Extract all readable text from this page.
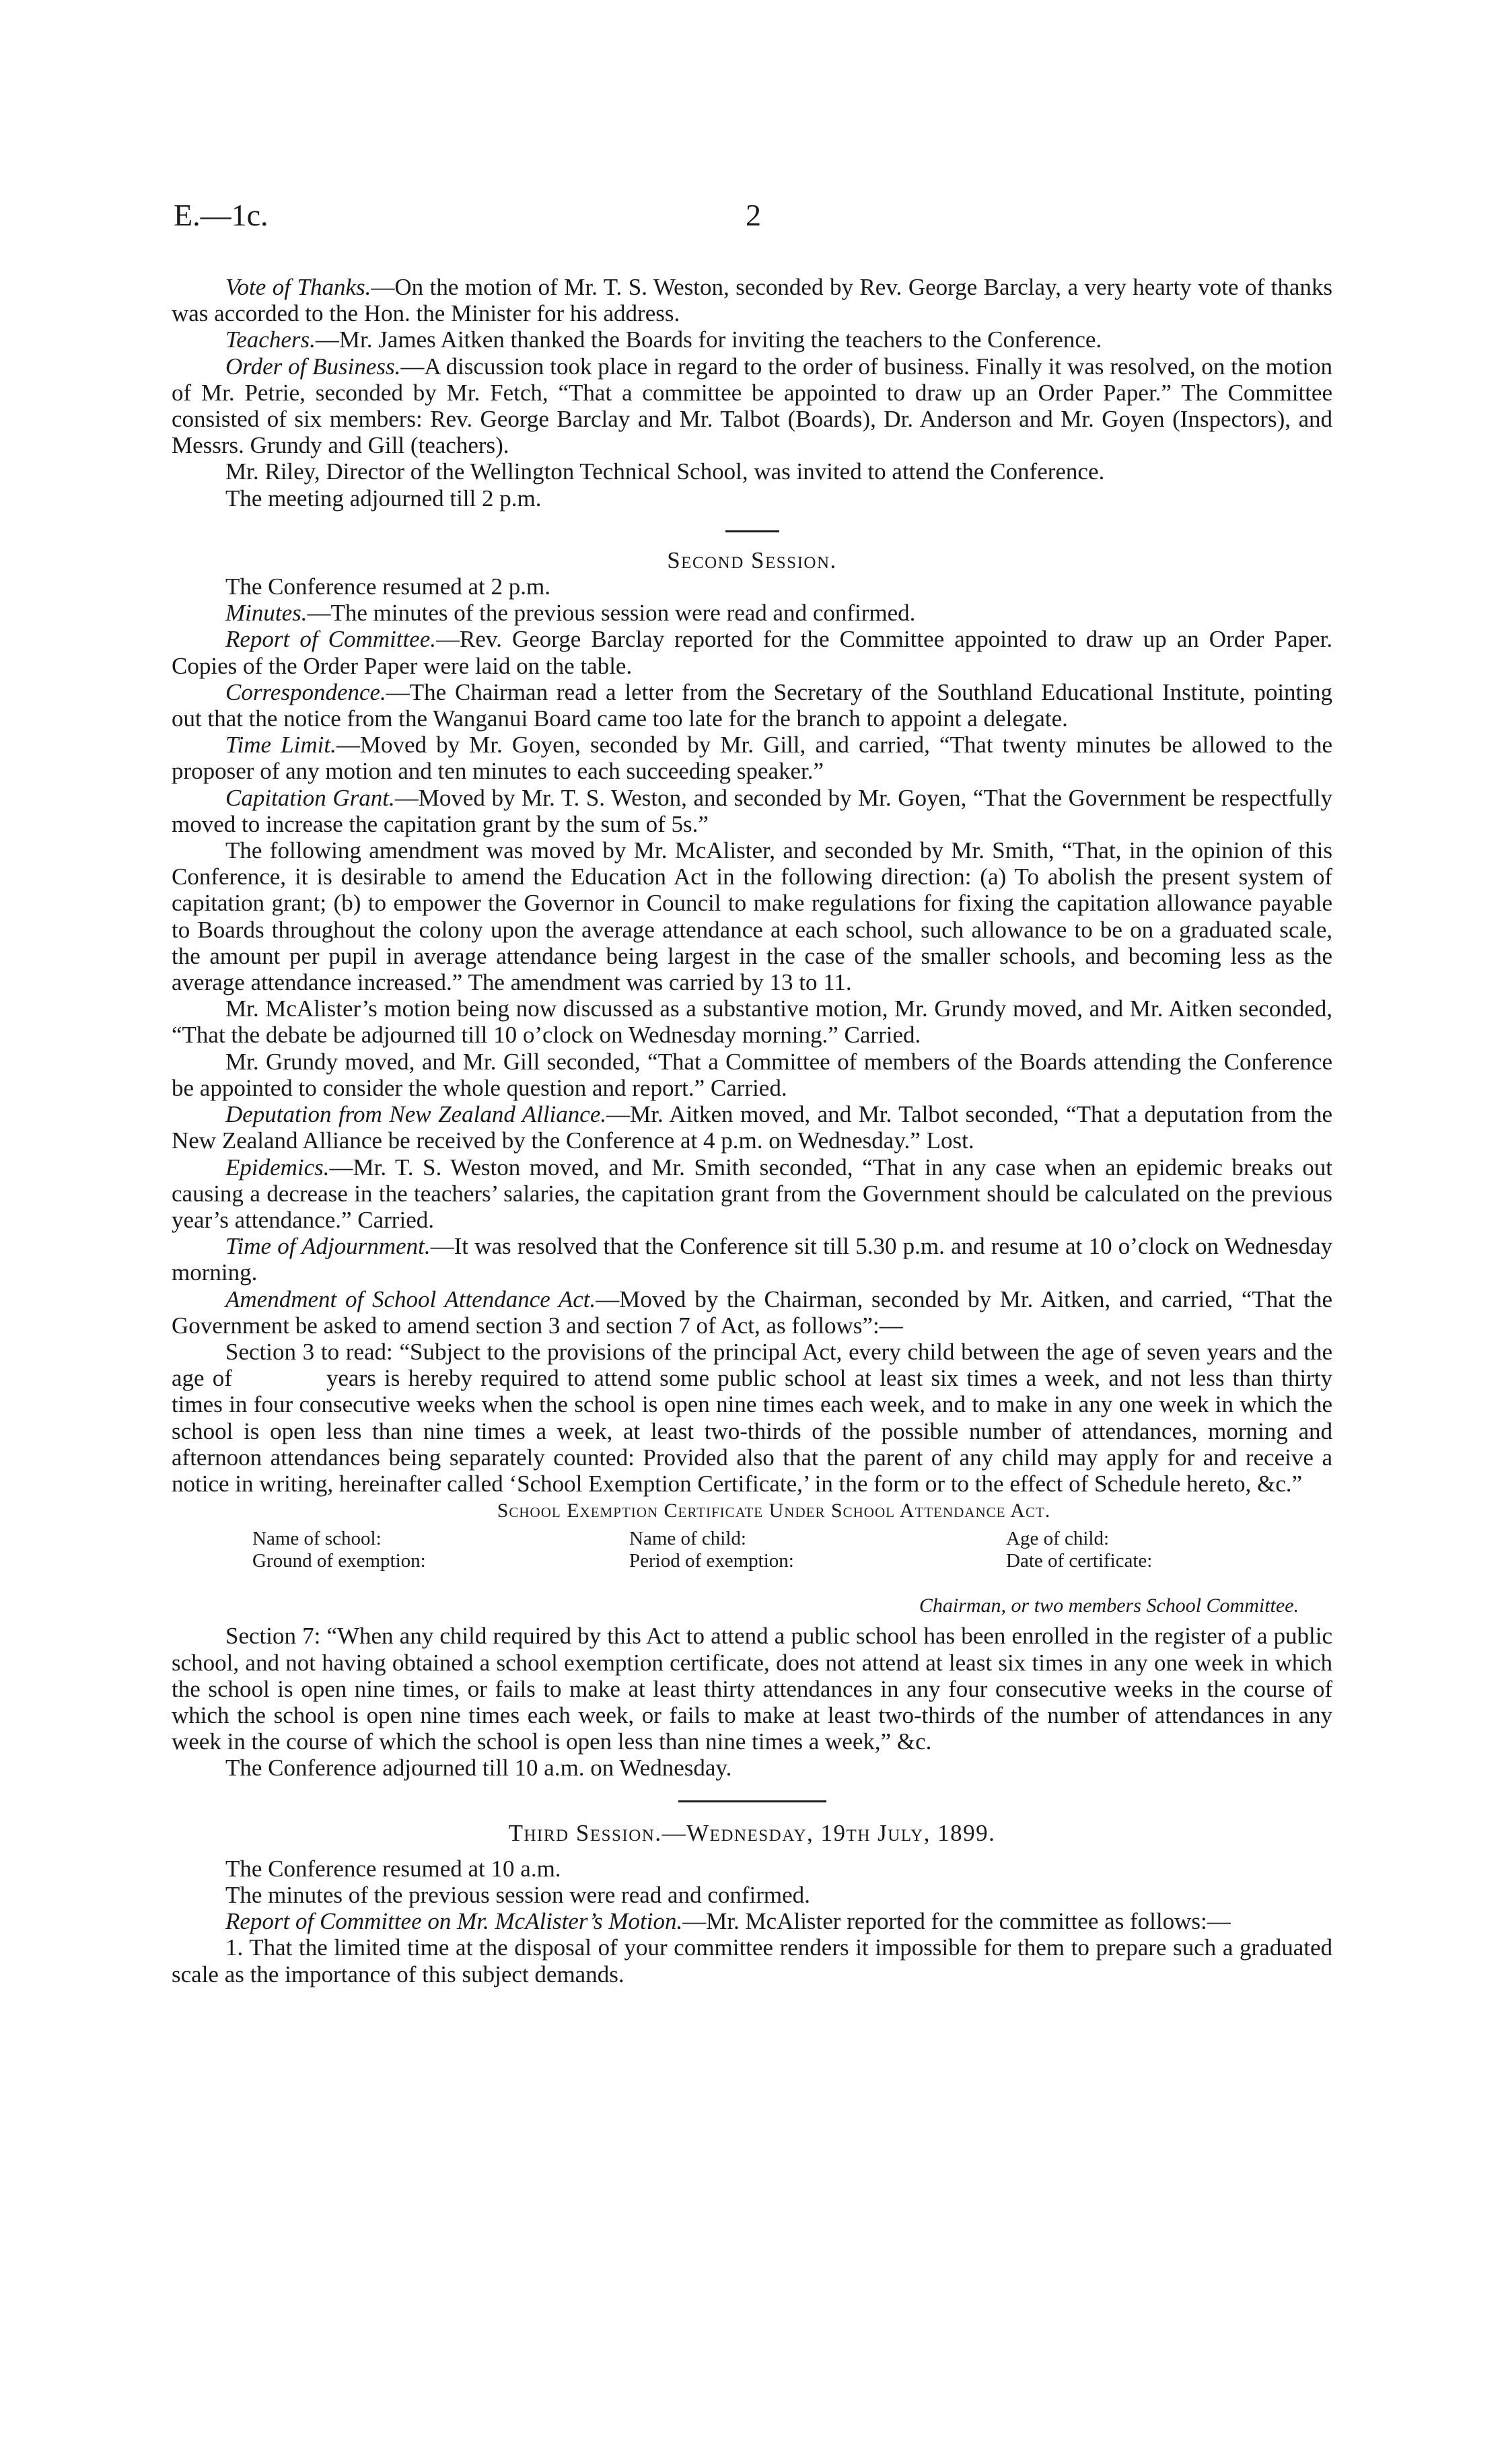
E.—1c.	2

Vote of Thanks.—On the motion of Mr. T. S. Weston, seconded by Rev. George Barclay, a very hearty vote of thanks was accorded to the Hon. the Minister for his address.

Teachers.—Mr. James Aitken thanked the Boards for inviting the teachers to the Conference.

Order of Business.—A discussion took place in regard to the order of business. Finally it was resolved, on the motion of Mr. Petrie, seconded by Mr. Fetch, “That a committee be appointed to draw up an Order Paper.” The Committee consisted of six members: Rev. George Barclay and Mr. Talbot (Boards), Dr. Anderson and Mr. Goyen (Inspectors), and Messrs. Grundy and Gill (teachers).

Mr. Riley, Director of the Wellington Technical School, was invited to attend the Conference.

The meeting adjourned till 2 p.m.

Second Session.

The Conference resumed at 2 p.m.

Minutes.—The minutes of the previous session were read and confirmed.

Report of Committee.—Rev. George Barclay reported for the Committee appointed to draw up an Order Paper. Copies of the Order Paper were laid on the table.

Correspondence.—The Chairman read a letter from the Secretary of the Southland Educational Institute, pointing out that the notice from the Wanganui Board came too late for the branch to appoint a delegate.

Time Limit.—Moved by Mr. Goyen, seconded by Mr. Gill, and carried, “That twenty minutes be allowed to the proposer of any motion and ten minutes to each succeeding speaker.”

Capitation Grant.—Moved by Mr. T. S. Weston, and seconded by Mr. Goyen, “That the Government be respectfully moved to increase the capitation grant by the sum of 5s.”

The following amendment was moved by Mr. McAlister, and seconded by Mr. Smith, “That, in the opinion of this Conference, it is desirable to amend the Education Act in the following direction: (a) To abolish the present system of capitation grant; (b) to empower the Governor in Council to make regulations for fixing the capitation allowance payable to Boards throughout the colony upon the average attendance at each school, such allowance to be on a graduated scale, the amount per pupil in average attendance being largest in the case of the smaller schools, and becoming less as the average attendance increased.” The amendment was carried by 13 to 11.

Mr. McAlister’s motion being now discussed as a substantive motion, Mr. Grundy moved, and Mr. Aitken seconded, “That the debate be adjourned till 10 o’clock on Wednesday morning.” Carried.

Mr. Grundy moved, and Mr. Gill seconded, “That a Committee of members of the Boards attending the Conference be appointed to consider the whole question and report.” Carried.

Deputation from New Zealand Alliance.—Mr. Aitken moved, and Mr. Talbot seconded, “That a deputation from the New Zealand Alliance be received by the Conference at 4 p.m. on Wednesday.” Lost.

Epidemics.—Mr. T. S. Weston moved, and Mr. Smith seconded, “That in any case when an epidemic breaks out causing a decrease in the teachers’ salaries, the capitation grant from the Government should be calculated on the previous year’s attendance.” Carried.

Time of Adjournment.—It was resolved that the Conference sit till 5.30 p.m. and resume at 10 o’clock on Wednesday morning.

Amendment of School Attendance Act.—Moved by the Chairman, seconded by Mr. Aitken, and carried, “That the Government be asked to amend section 3 and section 7 of Act, as follows”:—

Section 3 to read: “Subject to the provisions of the principal Act, every child between the age of seven years and the age of	years is hereby required to attend some public school at least six times a week, and not less than thirty times in four consecutive weeks when the school is open nine times each week, and to make in any one week in which the school is open less than nine times a week, at least two-thirds of the possible number of attendances, morning and afternoon attendances being separately counted: Provided also that the parent of any child may apply for and receive a notice in writing, hereinafter called ‘School Exemption Certificate,’ in the form or to the effect of Schedule hereto, &c.”

School Exemption Certificate Under School Attendance Act.
Name of school:	Name of child:	Age of child:
Ground of exemption:	Period of exemption:	Date of certificate:

Chairman, or two members School Committee.

Section 7: “When any child required by this Act to attend a public school has been enrolled in the register of a public school, and not having obtained a school exemption certificate, does not attend at least six times in any one week in which the school is open nine times, or fails to make at least thirty attendances in any four consecutive weeks in the course of which the school is open nine times each week, or fails to make at least two-thirds of the number of attendances in any week in the course of which the school is open less than nine times a week,” &c.

The Conference adjourned till 10 a.m. on Wednesday.

Third Session.—Wednesday, 19th July, 1899.

The Conference resumed at 10 a.m.

The minutes of the previous session were read and confirmed.

Report of Committee on Mr. McAlister’s Motion.—Mr. McAlister reported for the committee as follows:—

1. That the limited time at the disposal of your committee renders it impossible for them to prepare such a graduated scale as the importance of this subject demands.
